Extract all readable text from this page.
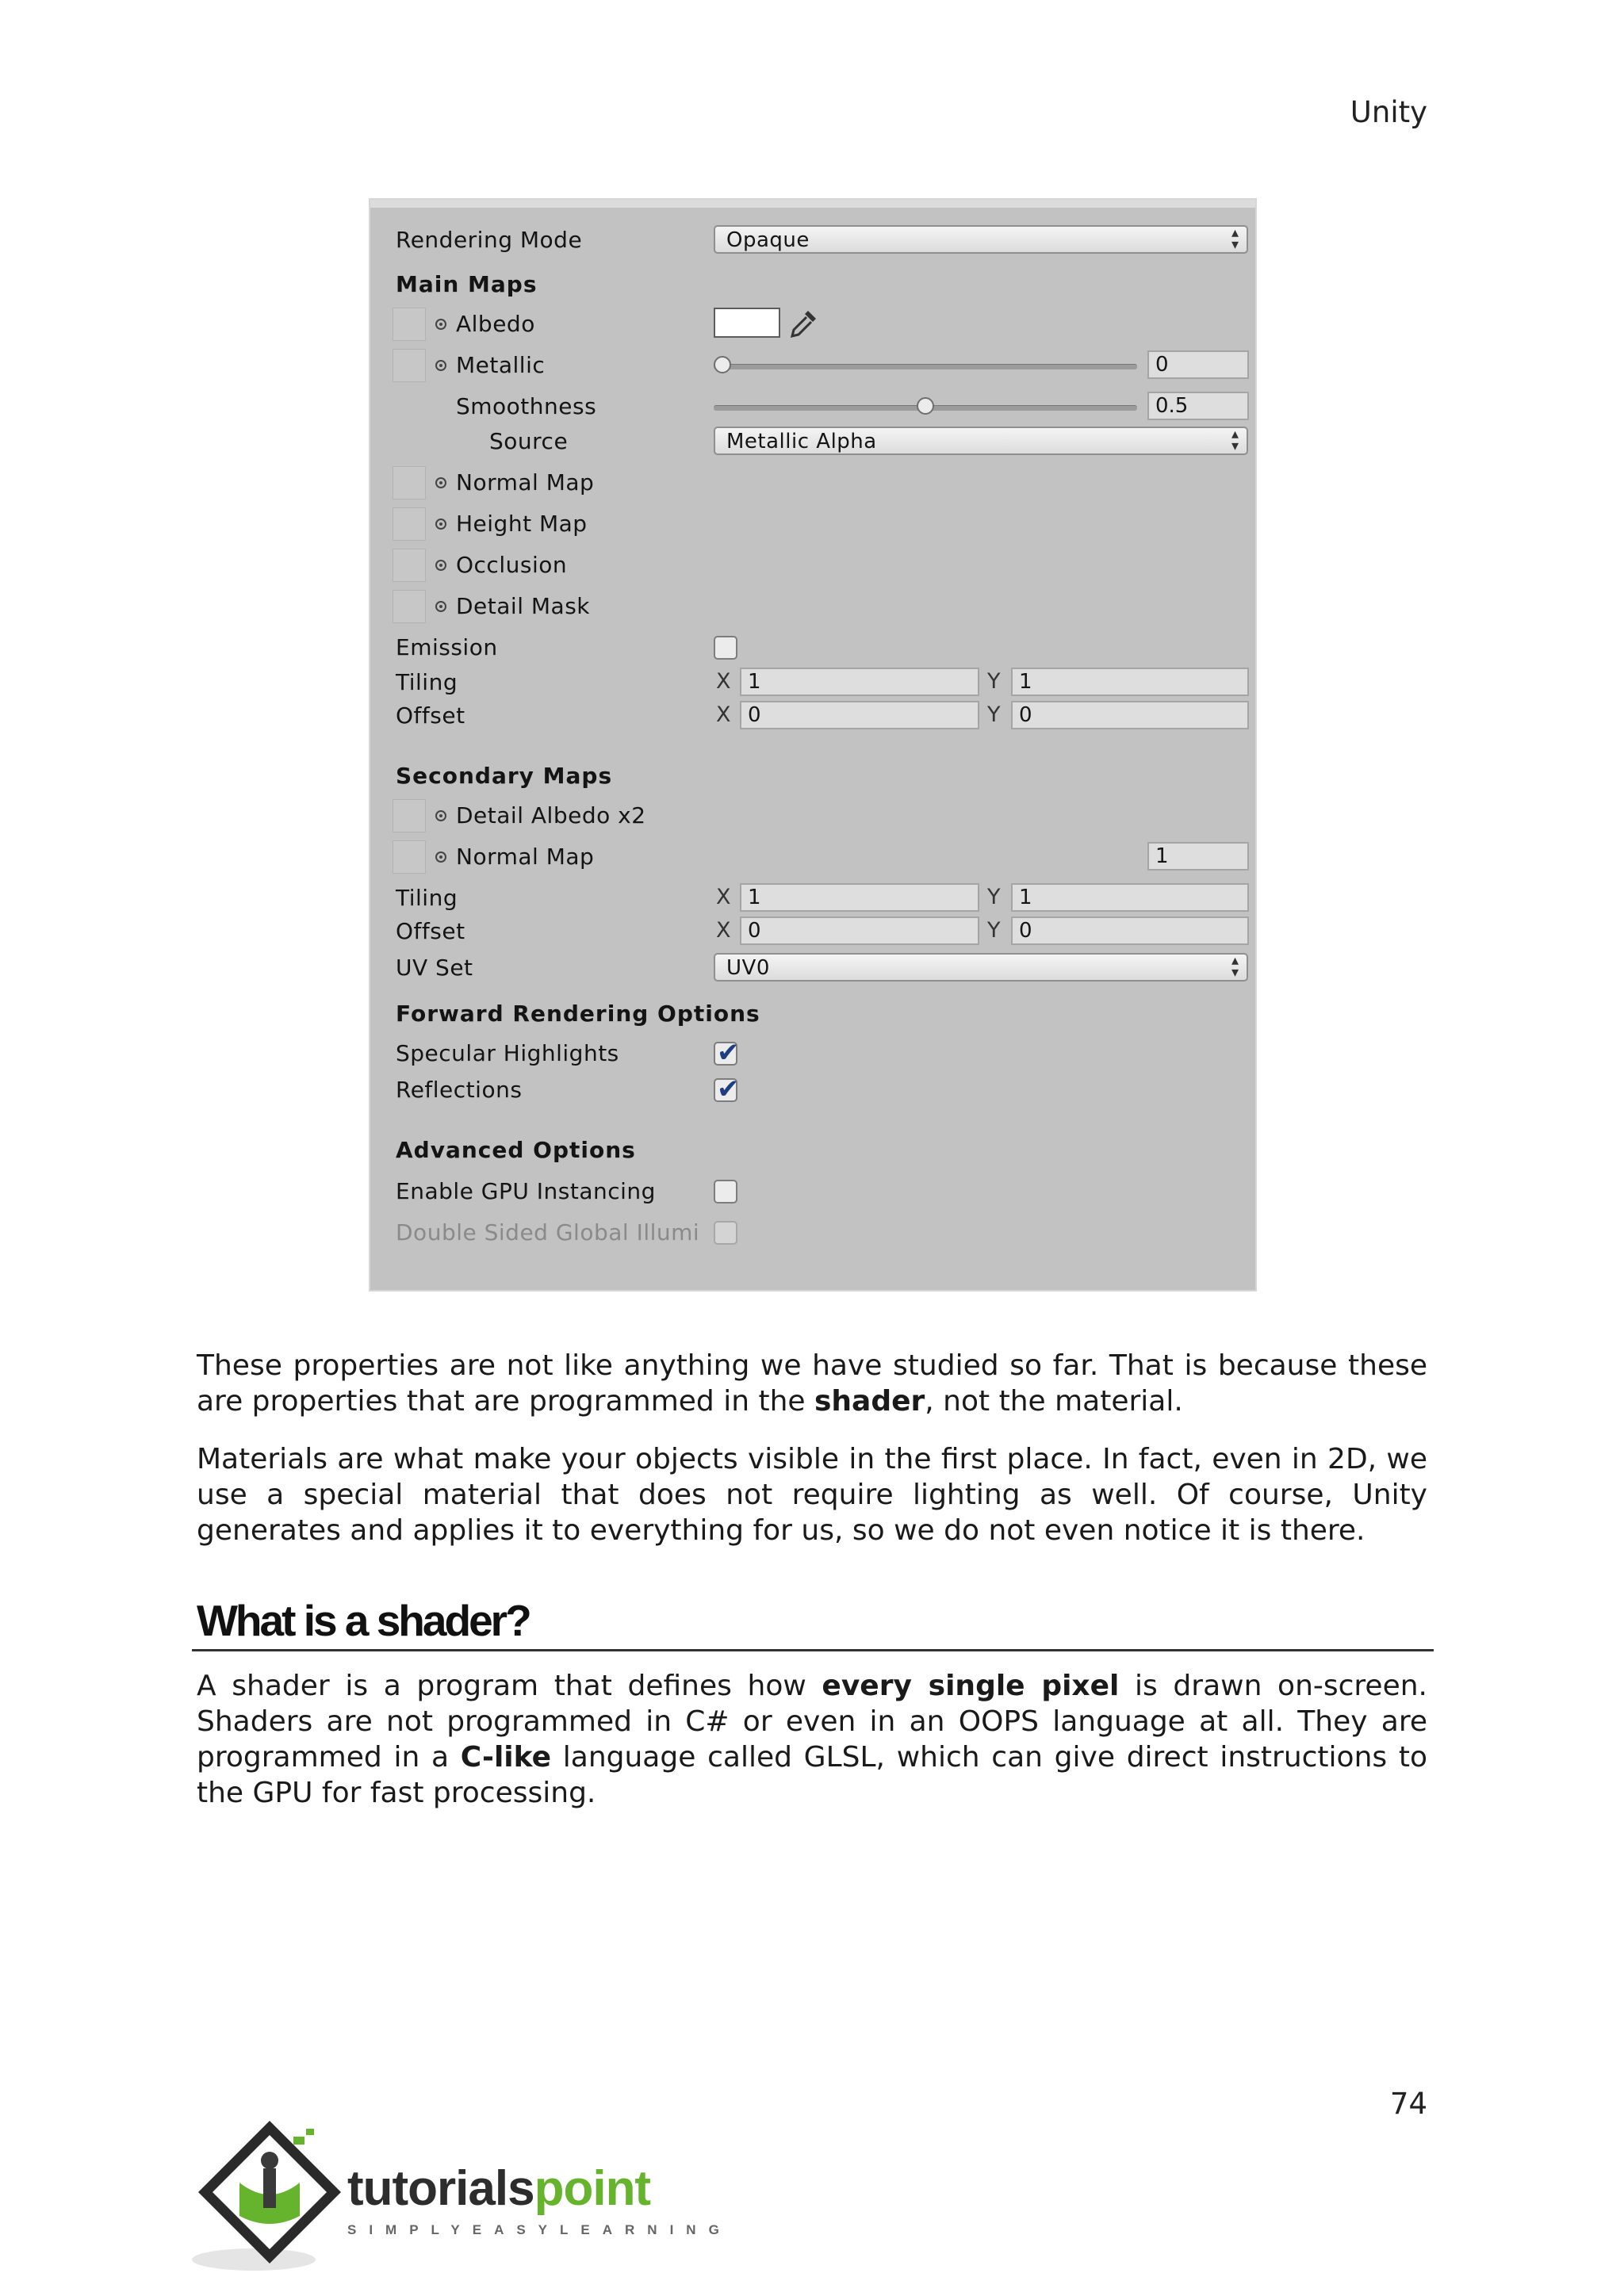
Unity
Rendering Mode	Opaque	▴
▾
Main Maps
Albedo
Metallic	0
Smoothness	0.5
Source	Metallic Alpha	▴
▾
Normal Map
Height Map
Occlusion
Detail Mask
Emission
Tiling	X 1	Y 1
Offset	X 0	Y 0
Secondary Maps
Detail Albedo x2
Normal Map	1
Tiling	X 1	Y 1
Offset	X 0	Y 0
UV Set	UV0	▴
▾
Forward Rendering Options
Specular Highlights	✔
Reflections	✔
Advanced Options
Enable GPU Instancing
Double Sided Global Illumi

These properties are not like anything we have studied so far. That is because these are properties that are programmed in the shader, not the material.

Materials are what make your objects visible in the first place. In fact, even in 2D, we use a special material that does not require lighting as well. Of course, Unity generates and applies it to everything for us, so we do not even notice it is there.

What is a shader?

A shader is a program that defines how every single pixel is drawn on-screen. Shaders are not programmed in C# or even in an OOPS language at all. They are programmed in a C-like language called GLSL, which can give direct instructions to the GPU for fast processing.

74
tutorialspoint
SIMPLYEASYLEARNING
